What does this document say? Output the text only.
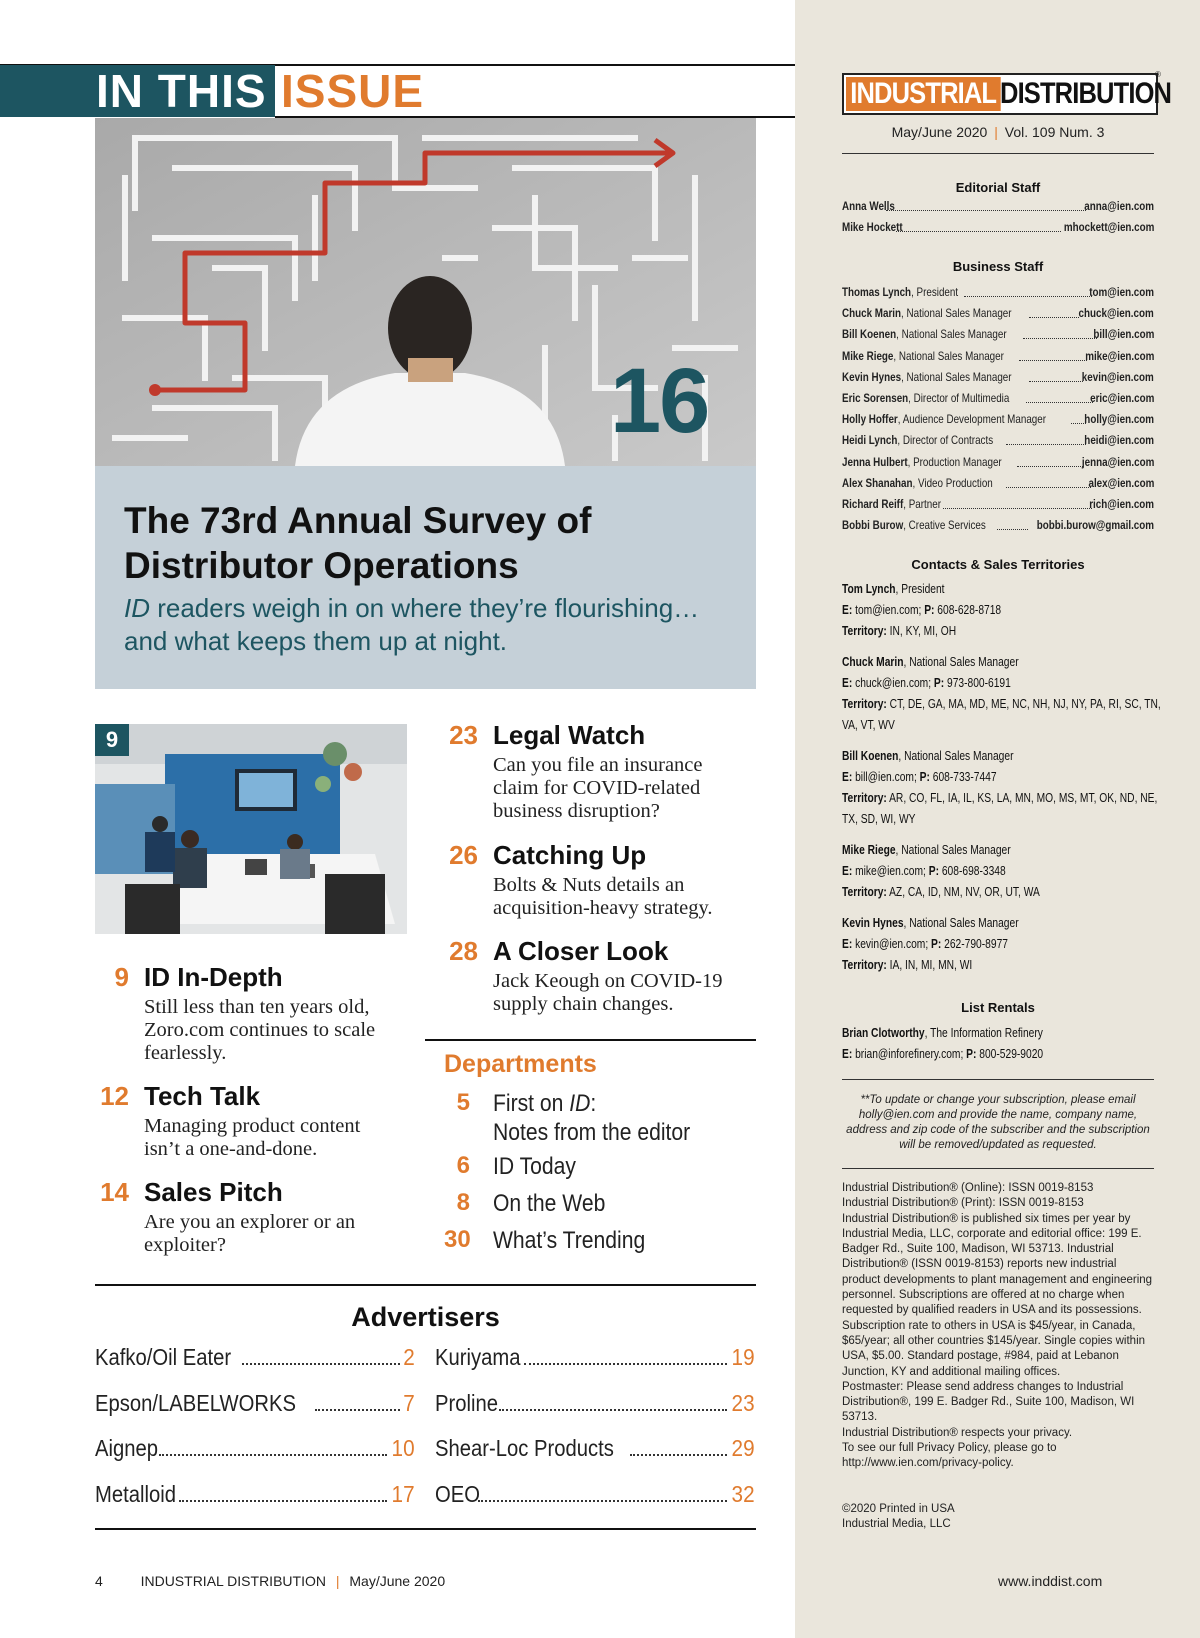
IN THIS ISSUE
16
The 73rd Annual Survey of Distributor Operations
ID readers weigh in on where they’re flourishing… and what keeps them up at night.
9
9 ID In-Depth
Still less than ten years old, Zoro.com continues to scale fearlessly.
12 Tech Talk
Managing product content isn’t a one-and-done.
14 Sales Pitch
Are you an explorer or an exploiter?
23 Legal Watch
Can you file an insurance claim for COVID-related business disruption?
26 Catching Up
Bolts & Nuts details an acquisition-heavy strategy.
28 A Closer Look
Jack Keough on COVID-19 supply chain changes.
Departments
5 First on ID:
Notes from the editor
6 ID Today
8 On the Web
30 What’s Trending
Advertisers
Kafko/Oil Eater	2
Epson/LABELWORKS	7
Aignep	10
Metalloid	17
Kuriyama	19
Proline	23
Shear-Loc Products	29
OEO	32
4	INDUSTRIAL DISTRIBUTION | May/June 2020	www.inddist.com
INDUSTRIAL DISTRIBUTION
®
May/June 2020 | Vol. 109 Num. 3
Editorial Staff
Anna Wells	anna@ien.com
Mike Hockett	mhockett@ien.com
Business Staff
Thomas Lynch, President	tom@ien.com
Chuck Marin, National Sales Manager	chuck@ien.com
Bill Koenen, National Sales Manager	bill@ien.com
Mike Riege, National Sales Manager	mike@ien.com
Kevin Hynes, National Sales Manager	kevin@ien.com
Eric Sorensen, Director of Multimedia	eric@ien.com
Holly Hoffer, Audience Development Manager	holly@ien.com
Heidi Lynch, Director of Contracts	heidi@ien.com
Jenna Hulbert, Production Manager	jenna@ien.com
Alex Shanahan, Video Production	alex@ien.com
Richard Reiff, Partner	rich@ien.com
Bobbi Burow, Creative Services	bobbi.burow@gmail.com
Contacts & Sales Territories
Tom Lynch, President
E: tom@ien.com; P: 608-628-8718
Territory: IN, KY, MI, OH
Chuck Marin, National Sales Manager
E: chuck@ien.com; P: 973-800-6191
Territory: CT, DE, GA, MA, MD, ME, NC, NH, NJ, NY, PA, RI, SC, TN,
VA, VT, WV
Bill Koenen, National Sales Manager
E: bill@ien.com; P: 608-733-7447
Territory: AR, CO, FL, IA, IL, KS, LA, MN, MO, MS, MT, OK, ND, NE,
TX, SD, WI, WY
Mike Riege, National Sales Manager
E: mike@ien.com; P: 608-698-3348
Territory: AZ, CA, ID, NM, NV, OR, UT, WA
Kevin Hynes, National Sales Manager
E: kevin@ien.com; P: 262-790-8977
Territory: IA, IN, MI, MN, WI
List Rentals
Brian Clotworthy, The Information Refinery
E: brian@inforefinery.com; P: 800-529-9020
**To update or change your subscription, please email holly@ien.com and provide the name, company name, address and zip code of the subscriber and the subscription will be removed/updated as requested.

Industrial Distribution® (Online): ISSN 0019-8153

Industrial Distribution® (Print): ISSN 0019-8153

Industrial Distribution® is published six times per year by Industrial Media, LLC, corporate and editorial office: 199 E. Badger Rd., Suite 100, Madison, WI 53713. Industrial Distribution® (ISSN 0019-8153) reports new industrial product developments to plant management and engineering personnel. Subscriptions are offered at no charge when requested by qualified readers in USA and its possessions. Subscription rate to others in USA is $45/year, in Canada, $65/year; all other countries $145/year. Single copies within USA, $5.00. Standard postage, #984, paid at Lebanon Junction, KY and additional mailing offices.

Postmaster: Please send address changes to Industrial Distribution®, 199 E. Badger Rd., Suite 100, Madison, WI 53713.

Industrial Distribution® respects your privacy.

To see our full Privacy Policy, please go to http://www.ien.com/privacy-policy.

©2020 Printed in USA
Industrial Media, LLC
